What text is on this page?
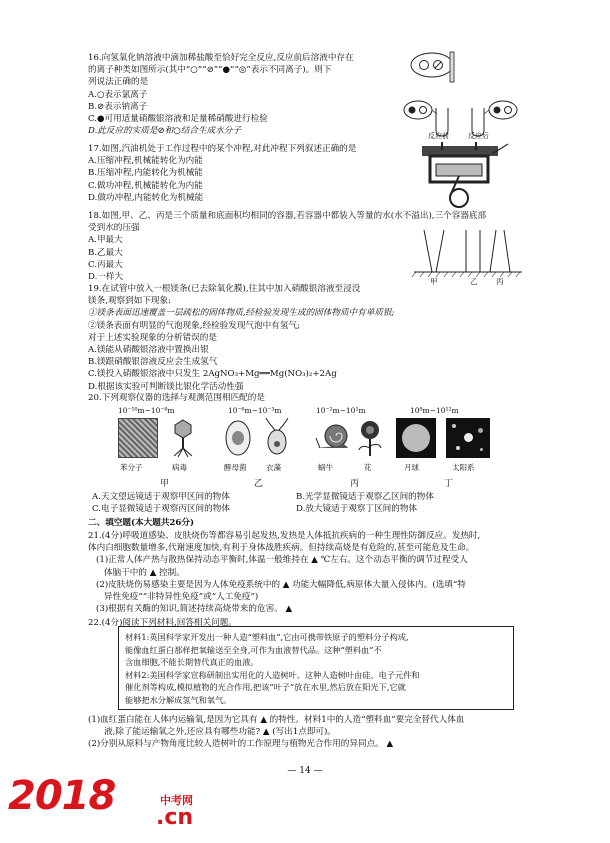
16.向氢氧化钠溶液中滴加稀盐酸至恰好完全反应,反应前后溶液中存在
的离子种类如图所示(其中“○”“⊘”“●”“◎”表示不同离子)。则下
列说法正确的是
A.○表示氯离子
B.⊘表示钠离子
C.●可用适量硝酸银溶液和足量稀硝酸进行检验
D.此反应的实质是⊘和○结合生成水分子	反应前	反应后
17.如图,汽油机处于工作过程中的某个冲程,对此冲程下列叙述正确的是
A.压缩冲程,机械能转化为内能
B.压缩冲程,内能转化为机械能
C.做功冲程,机械能转化为内能
D.做功冲程,内能转化为机械能
18.如图,甲、乙、丙是三个质量和底面积均相同的容器,若容器中都装入等量的水(水不溢出),三个容器底部
受到水的压强
A.甲最大
B.乙最大
C.丙最大
D.一样大	甲	乙 丙
19.在试管中放入一根镁条(已去除氧化膜),往其中加入硝酸银溶液至浸没
镁条,观察到如下现象:
①镁条表面迅速覆盖一层疏松的固体物质,经检验发现生成的固体物质中有单质银;
②镁条表面有明显的气泡现象,经检验发现气泡中有氢气;
对于上述实验现象的分析错误的是
A.镁能从硝酸银溶液中置换出银
B.镁跟硝酸银溶液反应会生成氢气
C.镁投入硝酸银溶液中只发生 2AgNO₃+Mg══Mg(NO₃)₂+2Ag
D.根据该实验可判断镁比银化学活动性强
20.下列观察仪器的选择与观测范围相匹配的是
10⁻¹⁰m~10⁻⁸m	10⁻⁶m~10⁻³m	10⁻²m~10¹m	10⁸m~10¹²m
苯分子	病毒	酵母菌	衣藻	蜗牛	花	月球	太阳系
甲	乙	丙	丁
A.天文望远镜适于观察甲区间的物体	B.光学显微镜适于观察乙区间的物体
C.电子显微镜适于观察丙区间的物体	D.放大镜适于观察丁区间的物体
二、填空题(本大题共26分)
21.(4分)呼吸道感染、皮肤烧伤等都容易引起发热,发热是人体抵抗疾病的一种生理性防御反应。发热时,
体内白细胞数量增多,代谢速度加快,有利于身体战胜疾病。但持续高烧是有危险的,甚至可能危及生命。
(1)正常人体产热与散热保持动态平衡时,体温一般维持在 ▲ ℃左右。这个动态平衡的调节过程受人
体脑干中的 ▲ 控制。
(2)皮肤烧伤易感染主要是因为人体免疫系统中的 ▲ 功能大幅降低,病原体大量入侵体内。(选填“特
异性免疫”“非特异性免疫”或“人工免疫”)
(3)根据有关酶的知识,简述持续高烧带来的危害。 ▲
22.(4分)阅读下列材料,回答相关问题。
材料1:英国科学家开发出一种人造“塑料血”,它由可携带铁原子的塑料分子构成,
能像血红蛋白那样把氧输送至全身,可作为血液替代品。这种“塑料血”不
含血细胞,不能长期替代真正的血液。
材料2:美国科学家宣称研制出实用化的人造树叶。这种人造树叶由硅、电子元件和
催化剂等构成,模拟植物的光合作用,把该“叶子”放在水里,然后放在阳光下,它就
能够把水分解成氢气和氧气。
(1)血红蛋白能在人体内运输氧,是因为它具有 ▲ 的特性。材料1中的人造“塑料血”要完全替代人体血
液,除了能运输氧之外,还应具有哪些功能? ▲ (写出1点即可)。
(2)分别从原料与产物角度比较人造树叶的工作原理与植物光合作用的异同点。 ▲
— 14 —
2018	中考网
.cn
